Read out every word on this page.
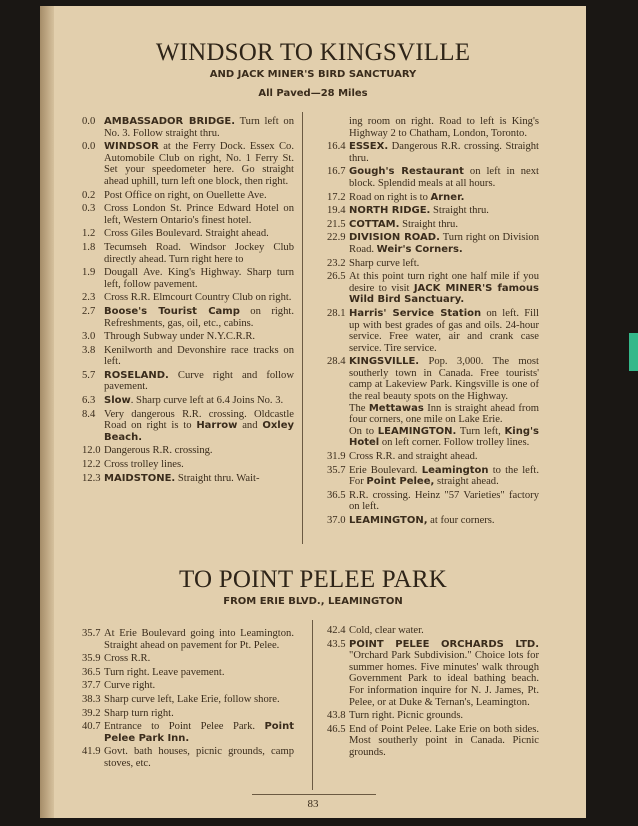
WINDSOR TO KINGSVILLE
AND JACK MINER'S BIRD SANCTUARY
All Paved—28 Miles
0.0 AMBASSADOR BRIDGE. Turn left on No. 3. Follow straight thru.
0.0 WINDSOR at the Ferry Dock. Essex Co. Automobile Club on right, No. 1 Ferry St. Set your speedometer here. Go straight ahead uphill, turn left one block, then right.
0.2 Post Office on right, on Ouellette Ave.
0.3 Cross London St. Prince Edward Hotel on left, Western Ontario's finest hotel.
1.2 Cross Giles Boulevard. Straight ahead.
1.8 Tecumseh Road. Windsor Jockey Club directly ahead. Turn right here to
1.9 Dougall Ave. King's Highway. Sharp turn left, follow pavement.
2.3 Cross R.R. Elmcourt Country Club on right.
2.7 Boose's Tourist Camp on right. Refreshments, gas, oil, etc., cabins.
3.0 Through Subway under N.Y.C.R.R.
3.8 Kenilworth and Devonshire race tracks on left.
5.7 ROSELAND. Curve right and follow pavement.
6.3 Slow. Sharp curve left at 6.4 Joins No. 3.
8.4 Very dangerous R.R. crossing. Oldcastle Road on right is to Harrow and Oxley Beach.
12.0 Dangerous R.R. crossing.
12.2 Cross trolley lines.
12.3 MAIDSTONE. Straight thru. Wait-
ing room on right. Road to left is King's Highway 2 to Chatham, London, Toronto.
16.4 ESSEX. Dangerous R.R. crossing. Straight thru.
16.7 Gough's Restaurant on left in next block. Splendid meals at all hours.
17.2 Road on right is to Arner.
19.4 NORTH RIDGE. Straight thru.
21.5 COTTAM. Straight thru.
22.9 DIVISION ROAD. Turn right on Division Road. Weir's Corners.
23.2 Sharp curve left.
26.5 At this point turn right one half mile if you desire to visit JACK MINER'S famous Wild Bird Sanctuary.
28.1 Harris' Service Station on left. Fill up with best grades of gas and oils. 24-hour service. Free water, air and crank case service. Tire service.
28.4 KINGSVILLE. Pop. 3,000. The most southerly town in Canada. Free tourists' camp at Lakeview Park. Kingsville is one of the real beauty spots on the Highway.
The Mettawas Inn is straight ahead from four corners, one mile on Lake Erie.
On to LEAMINGTON. Turn left, King's Hotel on left corner. Follow trolley lines.
31.9 Cross R.R. and straight ahead.
35.7 Erie Boulevard. Leamington to the left. For Point Pelee, straight ahead.
36.5 R.R. crossing. Heinz "57 Varieties" factory on left.
37.0 LEAMINGTON, at four corners.
TO POINT PELEE PARK
FROM ERIE BLVD., LEAMINGTON
35.7 At Erie Boulevard going into Leamington. Straight ahead on pavement for Pt. Pelee.
35.9 Cross R.R.
36.5 Turn right. Leave pavement.
37.7 Curve right.
38.3 Sharp curve left, Lake Erie, follow shore.
39.2 Sharp turn right.
40.7 Entrance to Point Pelee Park. Point Pelee Park Inn.
41.9 Govt. bath houses, picnic grounds, camp stoves, etc.
42.4 Cold, clear water.
43.5 POINT PELEE ORCHARDS LTD. "Orchard Park Subdivision." Choice lots for summer homes. Five minutes' walk through Government Park to ideal bathing beach. For information inquire for N. J. James, Pt. Pelee, or at Duke & Ternan's, Leamington.
43.8 Turn right. Picnic grounds.
46.5 End of Point Pelee. Lake Erie on both sides. Most southerly point in Canada. Picnic grounds.
83
